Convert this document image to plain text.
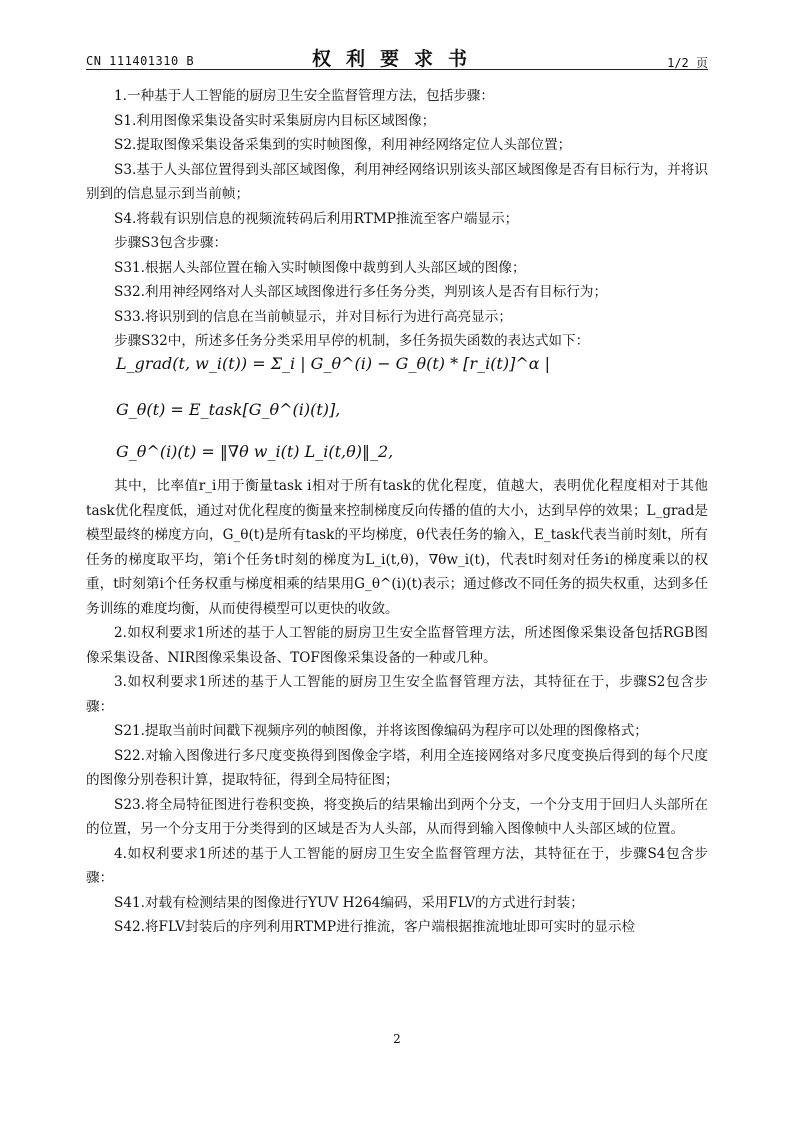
CN 111401310 B	权利要求书	1/2 页

1.一种基于人工智能的厨房卫生安全监督管理方法，包括步骤：

S1.利用图像采集设备实时采集厨房内目标区域图像；

S2.提取图像采集设备采集到的实时帧图像，利用神经网络定位人头部位置；

S3.基于人头部位置得到头部区域图像，利用神经网络识别该头部区域图像是否有目标行为，并将识别到的信息显示到当前帧；

S4.将载有识别信息的视频流转码后利用RTMP推流至客户端显示；

步骤S3包含步骤：

S31.根据人头部位置在输入实时帧图像中裁剪到人头部区域的图像；

S32.利用神经网络对人头部区域图像进行多任务分类，判别该人是否有目标行为；

S33.将识别到的信息在当前帧显示，并对目标行为进行高亮显示；

步骤S32中，所述多任务分类采用早停的机制，多任务损失函数的表达式如下：

L_grad(t, w_i(t)) = Σ_i | G_θ^(i) − G_θ(t) * [r_i(t)]^α |
G_θ(t) = E_task[G_θ^(i)(t)],
G_θ^(i)(t) = ‖∇θ w_i(t) L_i(t,θ)‖_2,

其中，比率值r_i用于衡量task i相对于所有task的优化程度，值越大，表明优化程度相对于其他task优化程度低，通过对优化程度的衡量来控制梯度反向传播的值的大小，达到早停的效果；L_grad是模型最终的梯度方向，G_θ(t)是所有task的平均梯度，θ代表任务的输入，E_task代表当前时刻t，所有任务的梯度取平均，第i个任务t时刻的梯度为L_i(t,θ)，∇θw_i(t)，代表t时刻对任务i的梯度乘以的权重，t时刻第i个任务权重与梯度相乘的结果用G_θ^(i)(t)表示；通过修改不同任务的损失权重，达到多任务训练的难度均衡，从而使得模型可以更快的收敛。

2.如权利要求1所述的基于人工智能的厨房卫生安全监督管理方法，所述图像采集设备包括RGB图像采集设备、NIR图像采集设备、TOF图像采集设备的一种或几种。

3.如权利要求1所述的基于人工智能的厨房卫生安全监督管理方法，其特征在于，步骤S2包含步骤：

S21.提取当前时间戳下视频序列的帧图像，并将该图像编码为程序可以处理的图像格式；

S22.对输入图像进行多尺度变换得到图像金字塔，利用全连接网络对多尺度变换后得到的每个尺度的图像分别卷积计算，提取特征，得到全局特征图；

S23.将全局特征图进行卷积变换，将变换后的结果输出到两个分支，一个分支用于回归人头部所在的位置，另一个分支用于分类得到的区域是否为人头部，从而得到输入图像帧中人头部区域的位置。

4.如权利要求1所述的基于人工智能的厨房卫生安全监督管理方法，其特征在于，步骤S4包含步骤：

S41.对载有检测结果的图像进行YUV H264编码，采用FLV的方式进行封装；

S42.将FLV封装后的序列利用RTMP进行推流，客户端根据推流地址即可实时的显示检

2
